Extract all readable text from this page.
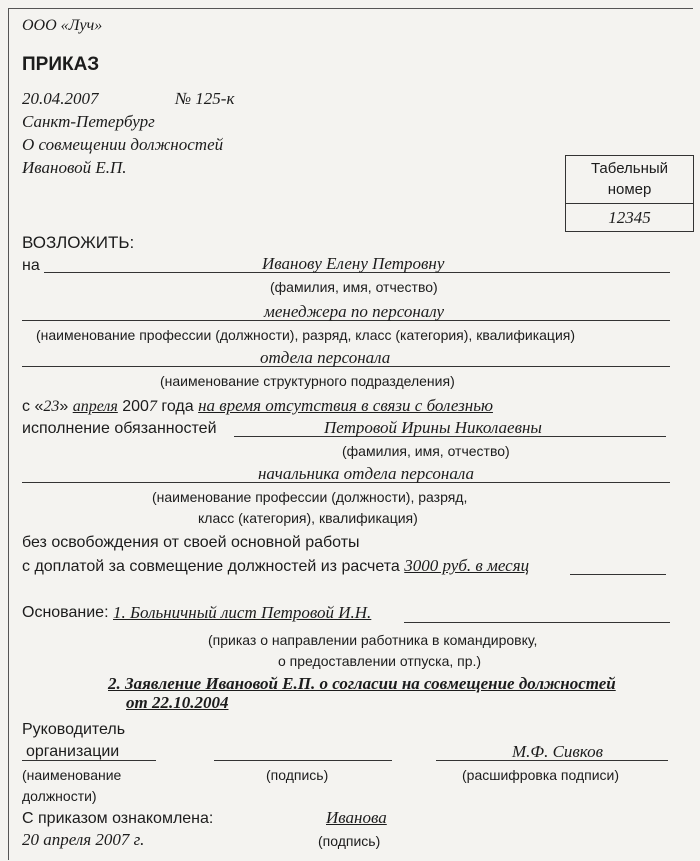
ООО «Луч»
ПРИКАЗ
20.04.2007	№ 125-к
Санкт-Петербург
О совмещении должностей
Ивановой Е.П.	Табельный
номер
12345
ВОЗЛОЖИТЬ:
на	Иванову Елену Петровну
(фамилия, имя, отчество)
менеджера по персоналу
(наименование профессии (должности), разряд, класс (категория), квалификация)
отдела персонала
(наименование структурного подразделения)
с «23» апреля 2007 года на время отсутствия в связи с болезнью
исполнение обязанностей	Петровой Ирины Николаевны
(фамилия, имя, отчество)
начальника отдела персонала
(наименование профессии (должности), разряд,
класс (категория), квалификация)
без освобождения от своей основной работы
с доплатой за совмещение должностей из расчета 3000 руб. в месяц
Основание: 1. Больничный лист Петровой И.Н.
(приказ о направлении работника в командировку,
о предоставлении отпуска, пр.)
2. Заявление Ивановой Е.П. о согласии на совмещение должностей
от 22.10.2004
Руководитель
организации	М.Ф. Сивков
(наименование
должности)
(подпись)	(расшифровка подписи)
С приказом ознакомлена:	Иванова
20 апреля 2007 г.	(подпись)
